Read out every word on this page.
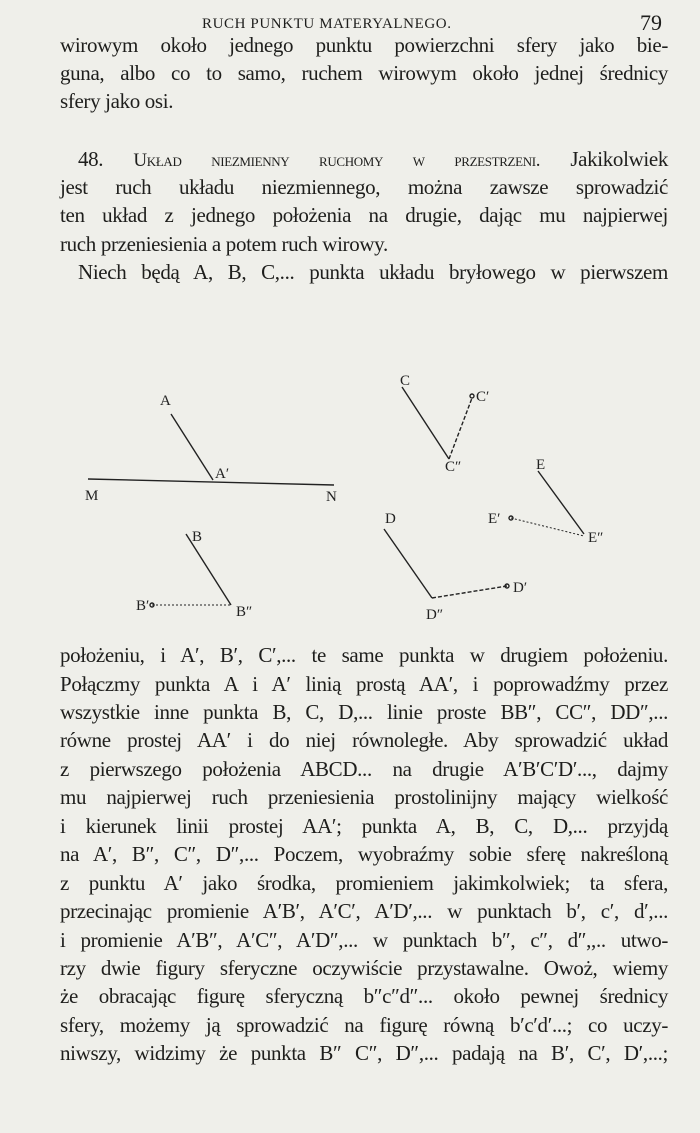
RUCH PUNKTU MATERYALNEGO.	79
wirowym około jednego punktu powierzchni sfery jako bie-
guna, albo co to samo, ruchem wirowym około jednej średnicy
sfery jako osi.
48. Układ niezmienny ruchomy w przestrzeni. Jakikolwiek
jest ruch układu niezmiennego, można zawsze sprowadzić
ten układ z jednego położenia na drugie, dając mu najpierwej
ruch przeniesienia a potem ruch wirowy.
Niech będą A, B, C,... punkta układu bryłowego w pierwszem
A
A′
M	N
B
B′	B″
C
C′
C″
D
D′
D″
E
E′
E″
położeniu, i A′, B′, C′,... te same punkta w drugiem położeniu.
Połączmy punkta A i A′ linią prostą AA′, i poprowadźmy przez
wszystkie inne punkta B, C, D,... linie proste BB″, CC″, DD″,...
równe prostej AA′ i do niej równoległe. Aby sprowadzić układ
z pierwszego położenia ABCD... na drugie A′B′C′D′..., dajmy
mu najpierwej ruch przeniesienia prostolinijny mający wielkość
i kierunek linii prostej AA′; punkta A, B, C, D,... przyjdą
na A′, B″, C″, D″,... Poczem, wyobraźmy sobie sferę nakreśloną
z punktu A′ jako środka, promieniem jakimkolwiek; ta sfera,
przecinając promienie A′B′, A′C′, A′D′,... w punktach b′, c′, d′,...
i promienie A′B″, A′C″, A′D″,... w punktach b″, c″, d″,,.. utwo-
rzy dwie figury sferyczne oczywiście przystawalne. Owoż, wiemy
że obracając figurę sferyczną b″c″d″... około pewnej średnicy
sfery, możemy ją sprowadzić na figurę równą b′c′d′...; co uczy-
niwszy, widzimy że punkta B″ C″, D″,... padają na B′, C′, D′,...;
